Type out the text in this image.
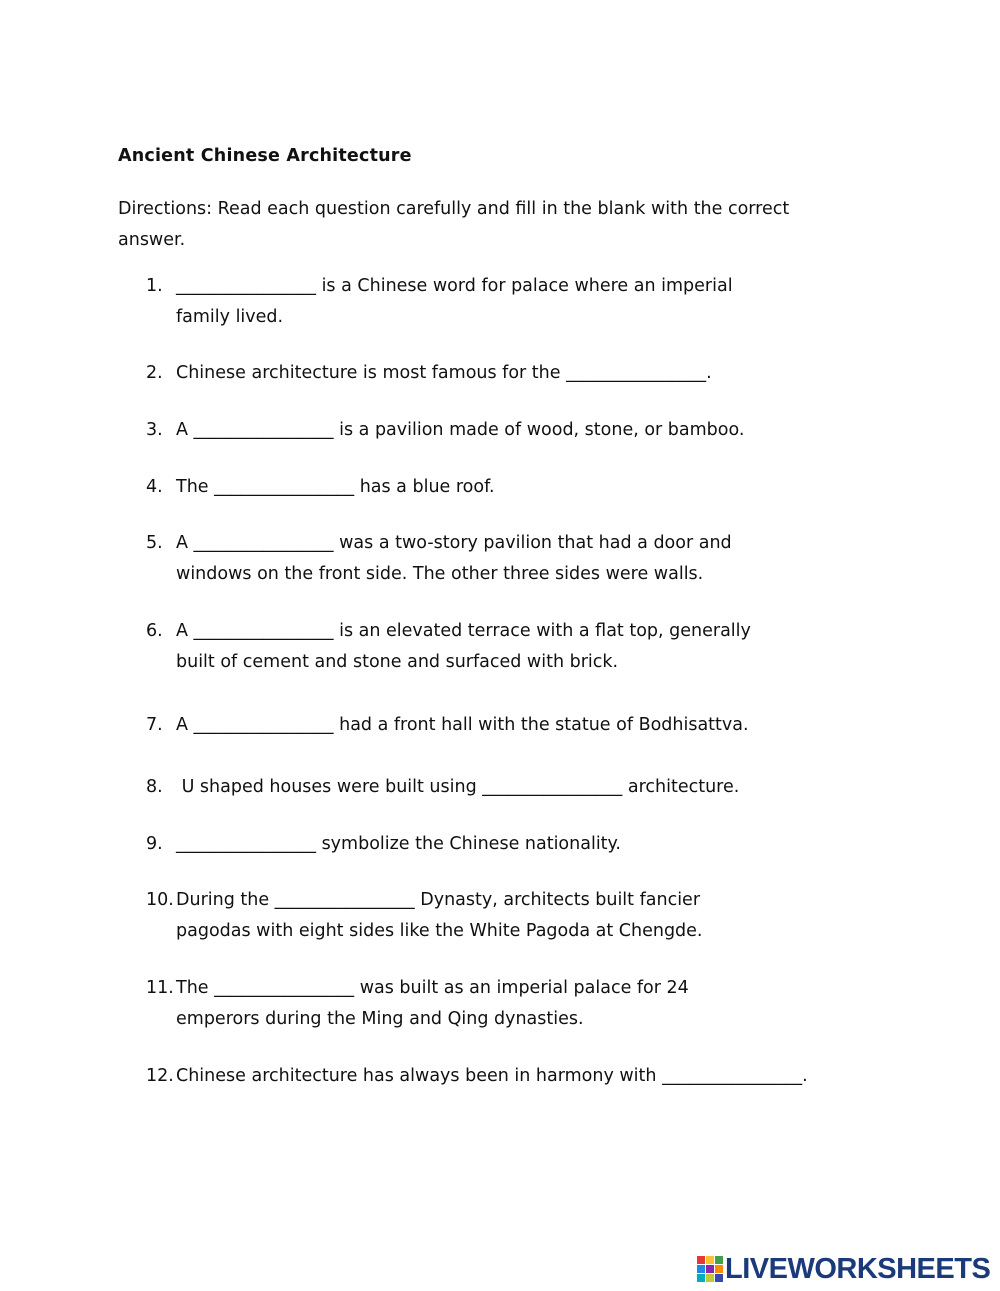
Ancient Chinese Architecture
Directions: Read each question carefully and fill in the blank with the correct answer.
1. ________________ is a Chinese word for palace where an imperial
family lived.
2. Chinese architecture is most famous for the ________________.
3. A ________________ is a pavilion made of wood, stone, or bamboo.
4. The ________________ has a blue roof.
5. A ________________ was a two-story pavilion that had a door and
windows on the front side. The other three sides were walls.
6. A ________________ is an elevated terrace with a flat top, generally
built of cement and stone and surfaced with brick.
7. A ________________ had a front hall with the statue of Bodhisattva.
8. U shaped houses were built using ________________ architecture.
9. ________________ symbolize the Chinese nationality.
10. During the ________________ Dynasty, architects built fancier
pagodas with eight sides like the White Pagoda at Chengde.
11. The ________________ was built as an imperial palace for 24
emperors during the Ming and Qing dynasties.
12. Chinese architecture has always been in harmony with ________________.
LIVEWORKSHEETS
